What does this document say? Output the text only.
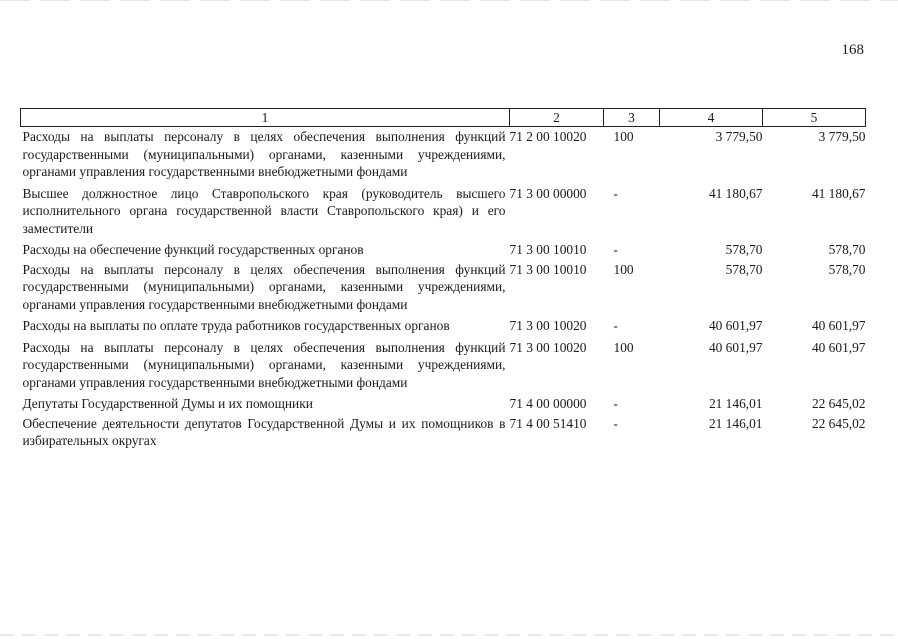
168
1	2	3	4	5
Расходы на выплаты персоналу в целях обеспечения выполнения функций государственными (муниципальными) органами, казенными учреждениями, органами управления государственными внебюджетными фондами	71 2 00 10020	100	3 779,50	3 779,50
Высшее должностное лицо Ставропольского края (руководитель высшего исполнительного органа государственной власти Ставропольского края) и его заместители	71 3 00 00000	-	41 180,67	41 180,67
Расходы на обеспечение функций государственных органов	71 3 00 10010	-	578,70	578,70
Расходы на выплаты персоналу в целях обеспечения выполнения функций государственными (муниципальными) органами, казенными учреждениями, органами управления государственными внебюджетными фондами	71 3 00 10010	100	578,70	578,70
Расходы на выплаты по оплате труда работников государственных органов	71 3 00 10020	-	40 601,97	40 601,97
Расходы на выплаты персоналу в целях обеспечения выполнения функций государственными (муниципальными) органами, казенными учреждениями, органами управления государственными внебюджетными фондами	71 3 00 10020	100	40 601,97	40 601,97
Депутаты Государственной Думы и их помощники	71 4 00 00000	-	21 146,01	22 645,02
Обеспечение деятельности депутатов Государственной Думы и их помощников в избирательных округах	71 4 00 51410	-	21 146,01	22 645,02
